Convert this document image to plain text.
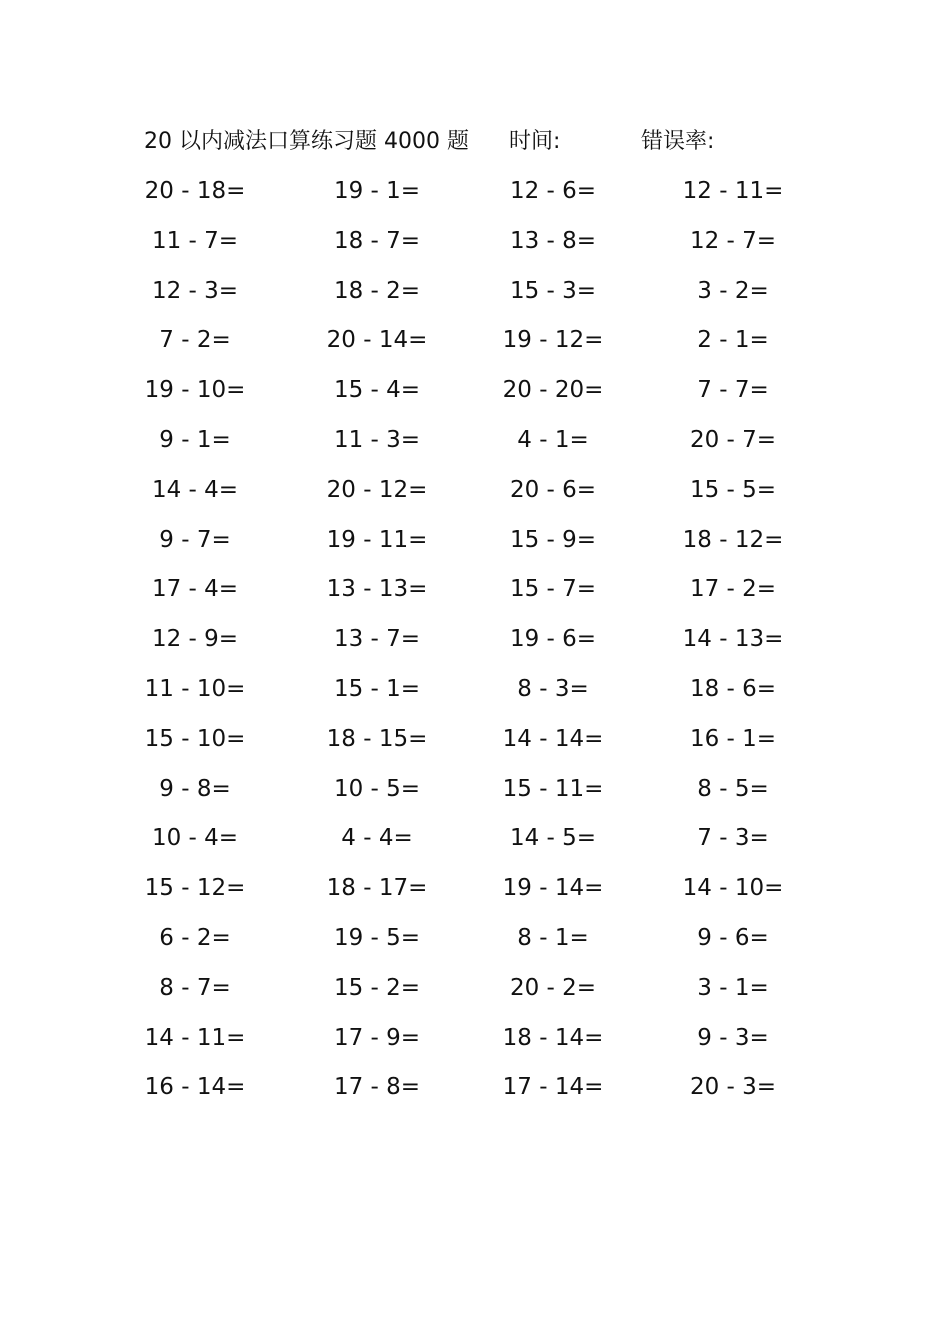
20 以内减法口算练习题 4000 题 时间:	错误率:
20 - 18=	19 - 1=	12 - 6=	12 - 11=
11 - 7=	18 - 7=	13 - 8=	12 - 7=
12 - 3=	18 - 2=	15 - 3=	3 - 2=
7 - 2=	20 - 14=	19 - 12=	2 - 1=
19 - 10=	15 - 4=	20 - 20=	7 - 7=
9 - 1=	11 - 3=	4 - 1=	20 - 7=
14 - 4=	20 - 12=	20 - 6=	15 - 5=
9 - 7=	19 - 11=	15 - 9=	18 - 12=
17 - 4=	13 - 13=	15 - 7=	17 - 2=
12 - 9=	13 - 7=	19 - 6=	14 - 13=
11 - 10=	15 - 1=	8 - 3=	18 - 6=
15 - 10=	18 - 15=	14 - 14=	16 - 1=
9 - 8=	10 - 5=	15 - 11=	8 - 5=
10 - 4=	4 - 4=	14 - 5=	7 - 3=
15 - 12=	18 - 17=	19 - 14=	14 - 10=
6 - 2=	19 - 5=	8 - 1=	9 - 6=
8 - 7=	15 - 2=	20 - 2=	3 - 1=
14 - 11=	17 - 9=	18 - 14=	9 - 3=
16 - 14=	17 - 8=	17 - 14=	20 - 3=
